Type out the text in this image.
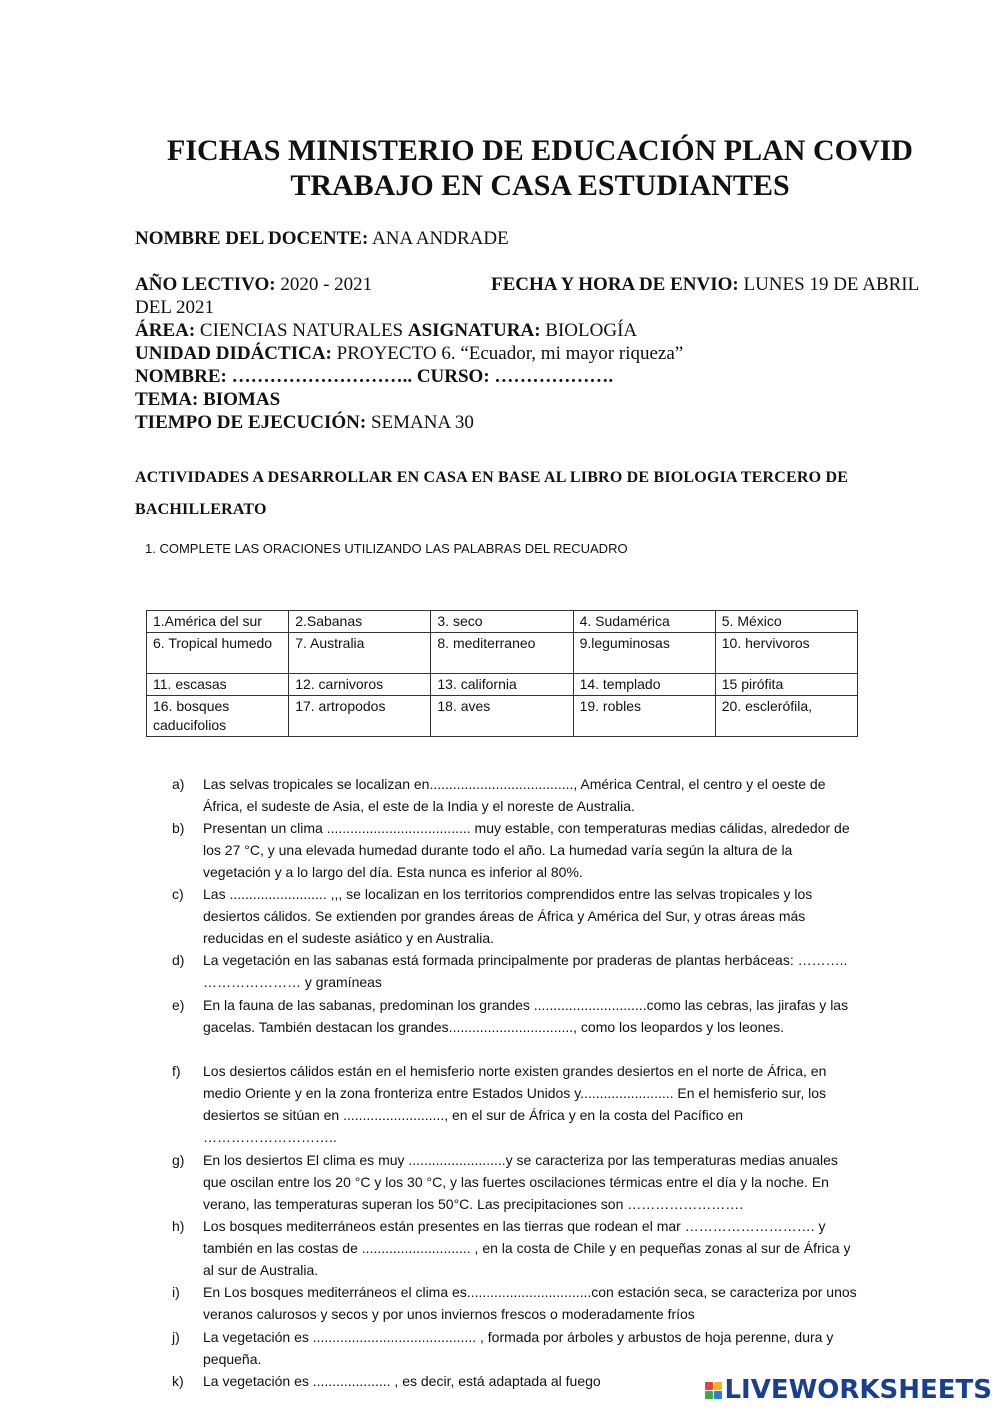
FICHAS MINISTERIO DE EDUCACIÓN PLAN COVID
TRABAJO EN CASA ESTUDIANTES
NOMBRE DEL DOCENTE: ANA ANDRADE
AÑO LECTIVO: 2020 - 2021	FECHA Y HORA DE ENVIO: LUNES 19 DE ABRIL
DEL 2021
ÁREA: CIENCIAS NATURALES ASIGNATURA: BIOLOGÍA
UNIDAD DIDÁCTICA: PROYECTO 6. “Ecuador, mi mayor riqueza”
NOMBRE: ……………………….. CURSO: ……………….
TEMA: BIOMAS
TIEMPO DE EJECUCIÓN: SEMANA 30
ACTIVIDADES A DESARROLLAR EN CASA EN BASE AL LIBRO DE BIOLOGIA TERCERO DE BACHILLERATO
1. COMPLETE LAS ORACIONES UTILIZANDO LAS PALABRAS DEL RECUADRO
1.América del sur	2.Sabanas	3. seco	4. Sudamérica	5. México
6. Tropical humedo	7. Australia	8. mediterraneo	9.leguminosas	10. hervivoros
11. escasas	12. carnivoros	13. california	14. templado	15 pirófita
16. bosques caducifolios	17. artropodos	18. aves	19. robles	20. esclerófila,
a) Las selvas tropicales se localizan en....................................., América Central, el centro y el oeste de África, el sudeste de Asia, el este de la India y el noreste de Australia.
b) Presentan un clima ..................................... muy estable, con temperaturas medias cálidas, alrededor de los 27 °C, y una elevada humedad durante todo el año. La humedad varía según la altura de la vegetación y a lo largo del día. Esta nunca es inferior al 80%.
c) Las ......................... ,,, se localizan en los territorios comprendidos entre las selvas tropicales y los desiertos cálidos. Se extienden por grandes áreas de África y América del Sur, y otras áreas más reducidas en el sudeste asiático y en Australia.
d) La vegetación en las sabanas está formada principalmente por praderas de plantas herbáceas: ……….. ………………… y gramíneas
e) En la fauna de las sabanas, predominan los grandes .............................como las cebras, las jirafas y las gacelas. También destacan los grandes................................, como los leopardos y los leones.
f) Los desiertos cálidos están en el hemisferio norte existen grandes desiertos en el norte de África, en medio Oriente y en la zona fronteriza entre Estados Unidos y........................ En el hemisferio sur, los desiertos se sitúan en .........................., en el sur de África y en la costa del Pacífico en ………………………..
g) En los desiertos El clima es muy .........................y se caracteriza por las temperaturas medias anuales que oscilan entre los 20 °C y los 30 °C, y las fuertes oscilaciones térmicas entre el día y la noche. En verano, las temperaturas superan los 50°C. Las precipitaciones son …………………….
h) Los bosques mediterráneos están presentes en las tierras que rodean el mar ………………………. y también en las costas de ............................ , en la costa de Chile y en pequeñas zonas al sur de África y al sur de Australia.
i) En Los bosques mediterráneos el clima es................................con estación seca, se caracteriza por unos veranos calurosos y secos y por unos inviernos frescos o moderadamente fríos
j) La vegetación es .......................................... , formada por árboles y arbustos de hoja perenne, dura y pequeña.
k) La vegetación es .................... , es decir, está adaptada al fuego	LIVEWORKSHEETS
